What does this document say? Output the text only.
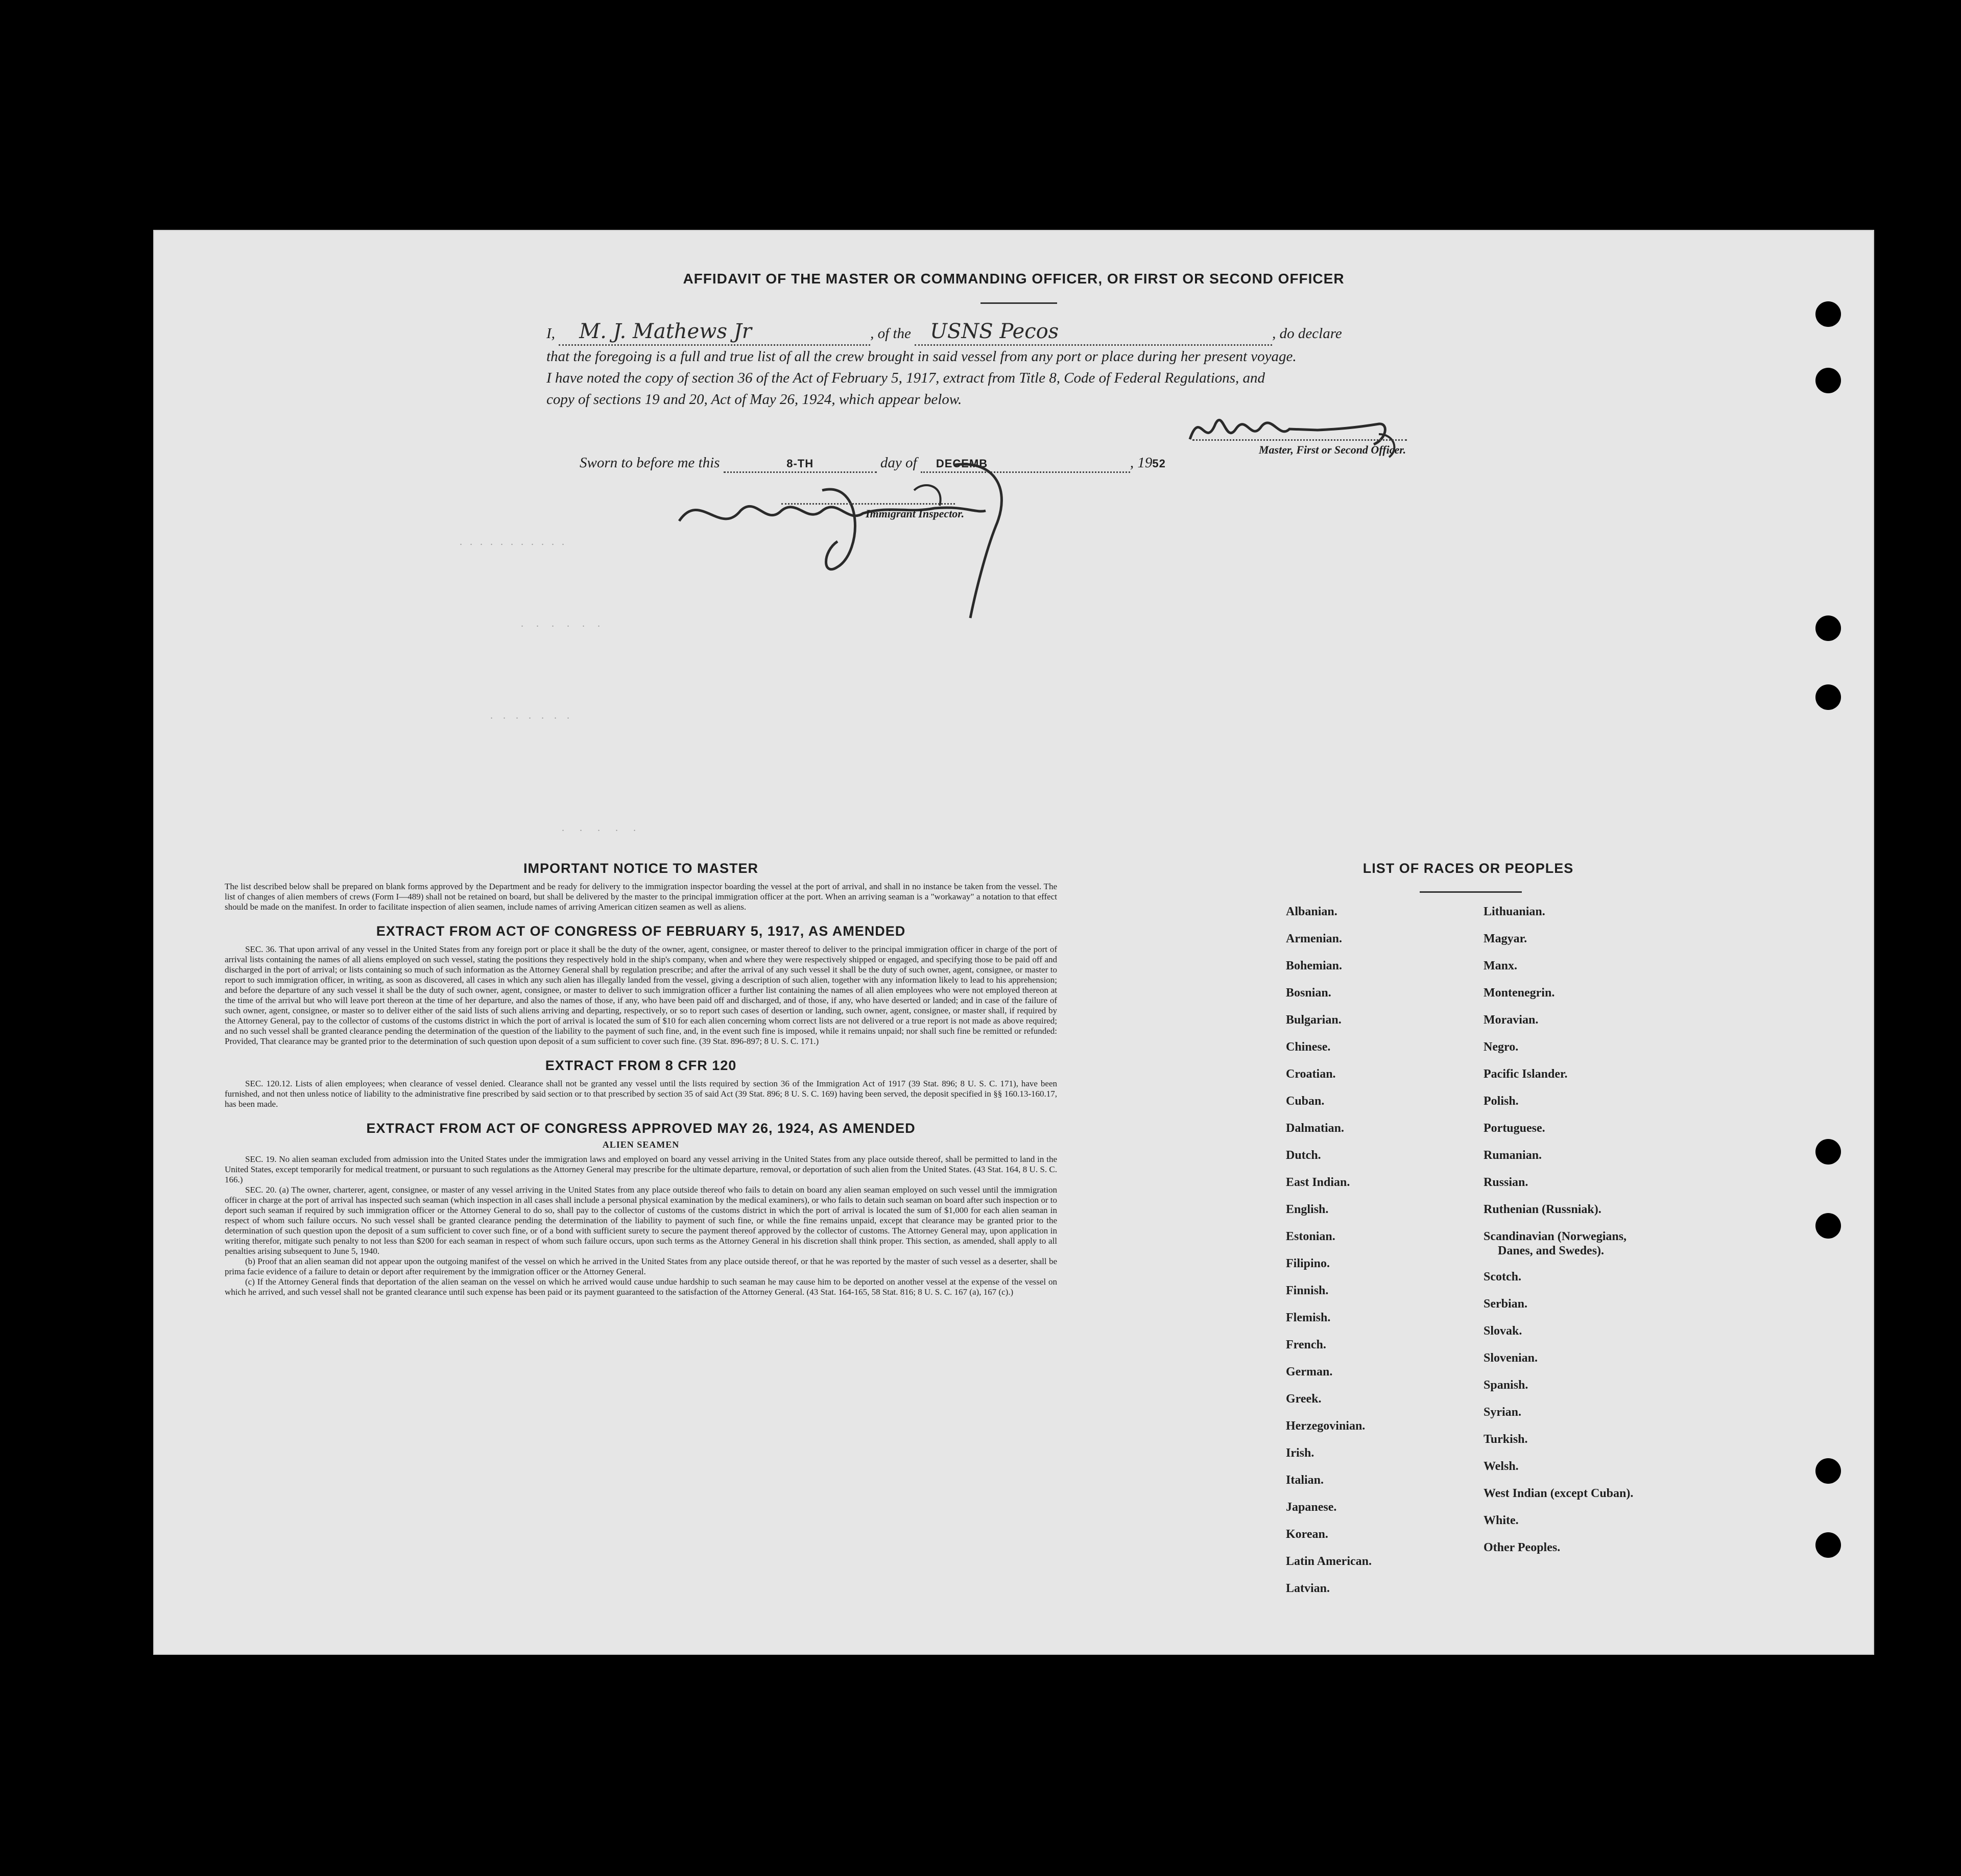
.   .   .   .   .   .   .   .   .   .   .
.     .     .     .     .     .
.    .    .    .    .    .    .
.      .      .      .      .
AFFIDAVIT OF THE MASTER OR COMMANDING OFFICER, OR FIRST OR SECOND OFFICER
I, M. J. Mathews Jr	, of the USNS Pecos	, do declare
that the foregoing is a full and true list of all the crew brought in said vessel from any port or place during her present voyage.
I have noted the copy of section 36 of the Act of February 5, 1917, extract from Title 8, Code of Federal Regulations, and
copy of sections 19 and 20, Act of May 26, 1924, which appear below.
Master, First or Second Officer.
Sworn to before me this	8-TH	day of DECEMB	, 1952
Immigrant Inspector.
IMPORTANT NOTICE TO MASTER
The list described below shall be prepared on blank forms approved by the Department and be ready for delivery to the immigration inspector boarding the vessel at the port of arrival, and shall in no instance be taken from the vessel. The list of changes of alien members of crews (Form I—489) shall not be retained on board, but shall be delivered by the master to the principal immigration officer at the port. When an arriving seaman is a "workaway" a notation to that effect should be made on the manifest. In order to facilitate inspection of alien seamen, include names of arriving American citizen seamen as well as aliens.
EXTRACT FROM ACT OF CONGRESS OF FEBRUARY 5, 1917, AS AMENDED
SEC. 36. That upon arrival of any vessel in the United States from any foreign port or place it shall be the duty of the owner, agent, consignee, or master thereof to deliver to the principal immigration officer in charge of the port of arrival lists containing the names of all aliens employed on such vessel, stating the positions they respectively hold in the ship's company, when and where they were respectively shipped or engaged, and specifying those to be paid off and discharged in the port of arrival; or lists containing so much of such information as the Attorney General shall by regulation prescribe; and after the arrival of any such vessel it shall be the duty of such owner, agent, consignee, or master to report to such immigration officer, in writing, as soon as discovered, all cases in which any such alien has illegally landed from the vessel, giving a description of such alien, together with any information likely to lead to his apprehension; and before the departure of any such vessel it shall be the duty of such owner, agent, consignee, or master to deliver to such immigration officer a further list containing the names of all alien employees who were not employed thereon at the time of the arrival but who will leave port thereon at the time of her departure, and also the names of those, if any, who have been paid off and discharged, and of those, if any, who have deserted or landed; and in case of the failure of such owner, agent, consignee, or master so to deliver either of the said lists of such aliens arriving and departing, respectively, or so to report such cases of desertion or landing, such owner, agent, consignee, or master shall, if required by the Attorney General, pay to the collector of customs of the customs district in which the port of arrival is located the sum of $10 for each alien concerning whom correct lists are not delivered or a true report is not made as above required; and no such vessel shall be granted clearance pending the determination of the question of the liability to the payment of such fine, and, in the event such fine is imposed, while it remains unpaid; nor shall such fine be remitted or refunded: Provided, That clearance may be granted prior to the determination of such question upon deposit of a sum sufficient to cover such fine. (39 Stat. 896-897; 8 U. S. C. 171.)
EXTRACT FROM 8 CFR 120
SEC. 120.12. Lists of alien employees; when clearance of vessel denied. Clearance shall not be granted any vessel until the lists required by section 36 of the Immigration Act of 1917 (39 Stat. 896; 8 U. S. C. 171), have been furnished, and not then unless notice of liability to the administrative fine prescribed by said section or to that prescribed by section 35 of said Act (39 Stat. 896; 8 U. S. C. 169) having been served, the deposit specified in §§ 160.13-160.17, has been made.
EXTRACT FROM ACT OF CONGRESS APPROVED MAY 26, 1924, AS AMENDED
ALIEN SEAMEN
SEC. 19. No alien seaman excluded from admission into the United States under the immigration laws and employed on board any vessel arriving in the United States from any place outside thereof, shall be permitted to land in the United States, except temporarily for medical treatment, or pursuant to such regulations as the Attorney General may prescribe for the ultimate departure, removal, or deportation of such alien from the United States. (43 Stat. 164, 8 U. S. C. 166.)
SEC. 20. (a) The owner, charterer, agent, consignee, or master of any vessel arriving in the United States from any place outside thereof who fails to detain on board any alien seaman employed on such vessel until the immigration officer in charge at the port of arrival has inspected such seaman (which inspection in all cases shall include a personal physical examination by the medical examiners), or who fails to detain such seaman on board after such inspection or to deport such seaman if required by such immigration officer or the Attorney General to do so, shall pay to the collector of customs of the customs district in which the port of arrival is located the sum of $1,000 for each alien seaman in respect of whom such failure occurs. No such vessel shall be granted clearance pending the determination of the liability to payment of such fine, or while the fine remains unpaid, except that clearance may be granted prior to the determination of such question upon the deposit of a sum sufficient to cover such fine, or of a bond with sufficient surety to secure the payment thereof approved by the collector of customs. The Attorney General may, upon application in writing therefor, mitigate such penalty to not less than $200 for each seaman in respect of whom such failure occurs, upon such terms as the Attorney General in his discretion shall think proper. This section, as amended, shall apply to all penalties arising subsequent to June 5, 1940.
(b) Proof that an alien seaman did not appear upon the outgoing manifest of the vessel on which he arrived in the United States from any place outside thereof, or that he was reported by the master of such vessel as a deserter, shall be prima facie evidence of a failure to detain or deport after requirement by the immigration officer or the Attorney General.
(c) If the Attorney General finds that deportation of the alien seaman on the vessel on which he arrived would cause undue hardship to such seaman he may cause him to be deported on another vessel at the expense of the vessel on which he arrived, and such vessel shall not be granted clearance until such expense has been paid or its payment guaranteed to the satisfaction of the Attorney General. (43 Stat. 164-165, 58 Stat. 816; 8 U. S. C. 167 (a), 167 (c).)
LIST OF RACES OR PEOPLES
Albanian.
Armenian.
Bohemian.
Bosnian.
Bulgarian.
Chinese.
Croatian.
Cuban.
Dalmatian.
Dutch.
East Indian.
English.
Estonian.
Filipino.
Finnish.
Flemish.
French.
German.
Greek.
Herzegovinian.
Irish.
Italian.
Japanese.
Korean.
Latin American.
Latvian.
Lithuanian.
Magyar.
Manx.
Montenegrin.
Moravian.
Negro.
Pacific Islander.
Polish.
Portuguese.
Rumanian.
Russian.
Ruthenian (Russniak).
Scandinavian (Norwegians,
Danes, and Swedes).
Scotch.
Serbian.
Slovak.
Slovenian.
Spanish.
Syrian.
Turkish.
Welsh.
West Indian (except Cuban).
White.
Other Peoples.
